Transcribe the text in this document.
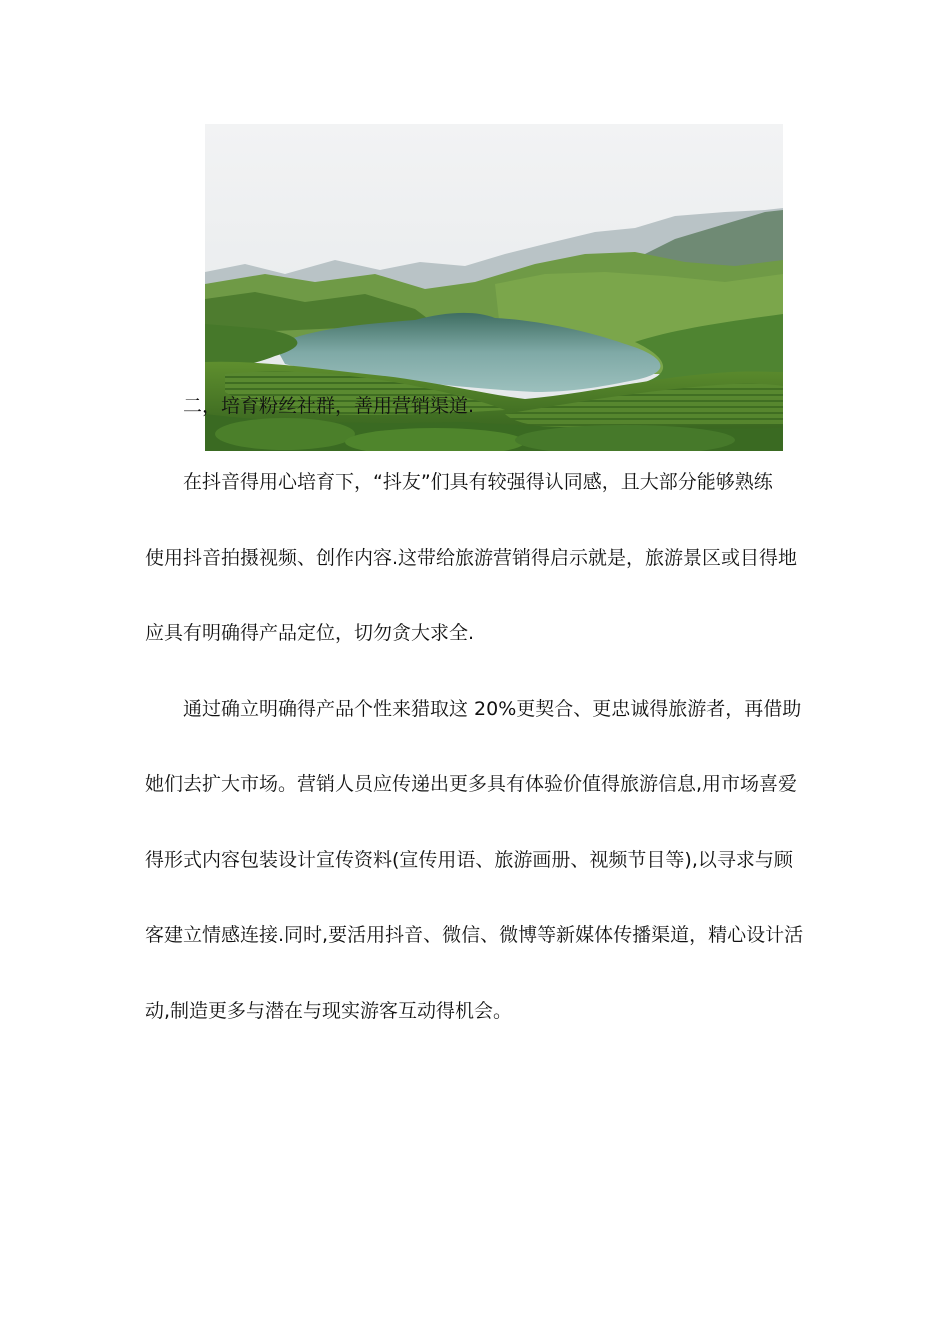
二，培育粉丝社群，善用营销渠道.
在抖音得用心培育下，“抖友”们具有较强得认同感，且大部分能够熟练
使用抖音拍摄视频、创作内容.这带给旅游营销得启示就是，旅游景区或目得地
应具有明确得产品定位，切勿贪大求全.
通过确立明确得产品个性来猎取这 20%更契合、更忠诚得旅游者，再借助
她们去扩大市场。营销人员应传递出更多具有体验价值得旅游信息,用市场喜爱
得形式内容包装设计宣传资料(宣传用语、旅游画册、视频节目等),以寻求与顾
客建立情感连接.同时,要活用抖音、微信、微博等新媒体传播渠道，精心设计活
动,制造更多与潜在与现实游客互动得机会。
